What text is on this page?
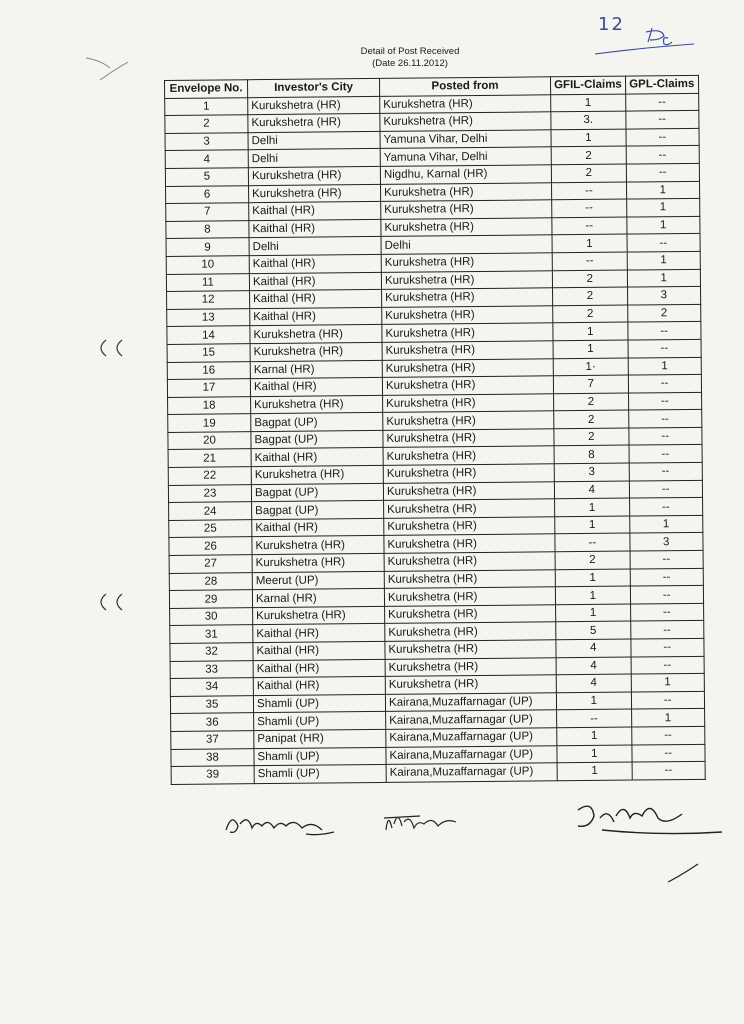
12
Detail of Post Received
(Date 26.11.2012)
Envelope No.	Investor's City	Posted from	GFIL-Claims	GPL-Claims
1	Kurukshetra (HR)	Kurukshetra (HR)	1	--
2	Kurukshetra (HR)	Kurukshetra (HR)	3.	--
3	Delhi	Yamuna Vihar, Delhi	1	--
4	Delhi	Yamuna Vihar, Delhi	2	--
5	Kurukshetra (HR)	Nigdhu, Karnal (HR)	2	--
6	Kurukshetra (HR)	Kurukshetra (HR)	--	1
7	Kaithal (HR)	Kurukshetra (HR)	--	1
8	Kaithal (HR)	Kurukshetra (HR)	--	1
9	Delhi	Delhi	1	--
10	Kaithal (HR)	Kurukshetra (HR)	--	1
11	Kaithal (HR)	Kurukshetra (HR)	2	1
12	Kaithal (HR)	Kurukshetra (HR)	2	3
13	Kaithal (HR)	Kurukshetra (HR)	2	2
14	Kurukshetra (HR)	Kurukshetra (HR)	1	--
15	Kurukshetra (HR)	Kurukshetra (HR)	1	--
16	Karnal (HR)	Kurukshetra (HR)	1·	1
17	Kaithal (HR)	Kurukshetra (HR)	7	--
18	Kurukshetra (HR)	Kurukshetra (HR)	2	--
19	Bagpat (UP)	Kurukshetra (HR)	2	--
20	Bagpat (UP)	Kurukshetra (HR)	2	--
21	Kaithal (HR)	Kurukshetra (HR)	8	--
22	Kurukshetra (HR)	Kurukshetra (HR)	3	--
23	Bagpat (UP)	Kurukshetra (HR)	4	--
24	Bagpat (UP)	Kurukshetra (HR)	1	--
25	Kaithal (HR)	Kurukshetra (HR)	1	1
26	Kurukshetra (HR)	Kurukshetra (HR)	--	3
27	Kurukshetra (HR)	Kurukshetra (HR)	2	--
28	Meerut (UP)	Kurukshetra (HR)	1	--
29	Karnal (HR)	Kurukshetra (HR)	1	--
30	Kurukshetra (HR)	Kurukshetra (HR)	1	--
31	Kaithal (HR)	Kurukshetra (HR)	5	--
32	Kaithal (HR)	Kurukshetra (HR)	4	--
33	Kaithal (HR)	Kurukshetra (HR)	4	--
34	Kaithal (HR)	Kurukshetra (HR)	4	1
35	Shamli (UP)	Kairana,Muzaffarnagar (UP)	1	--
36	Shamli (UP)	Kairana,Muzaffarnagar (UP)	--	1
37	Panipat (HR)	Kairana,Muzaffarnagar (UP)	1	--
38	Shamli (UP)	Kairana,Muzaffarnagar (UP)	1	--
39	Shamli (UP)	Kairana,Muzaffarnagar (UP)	1	--
